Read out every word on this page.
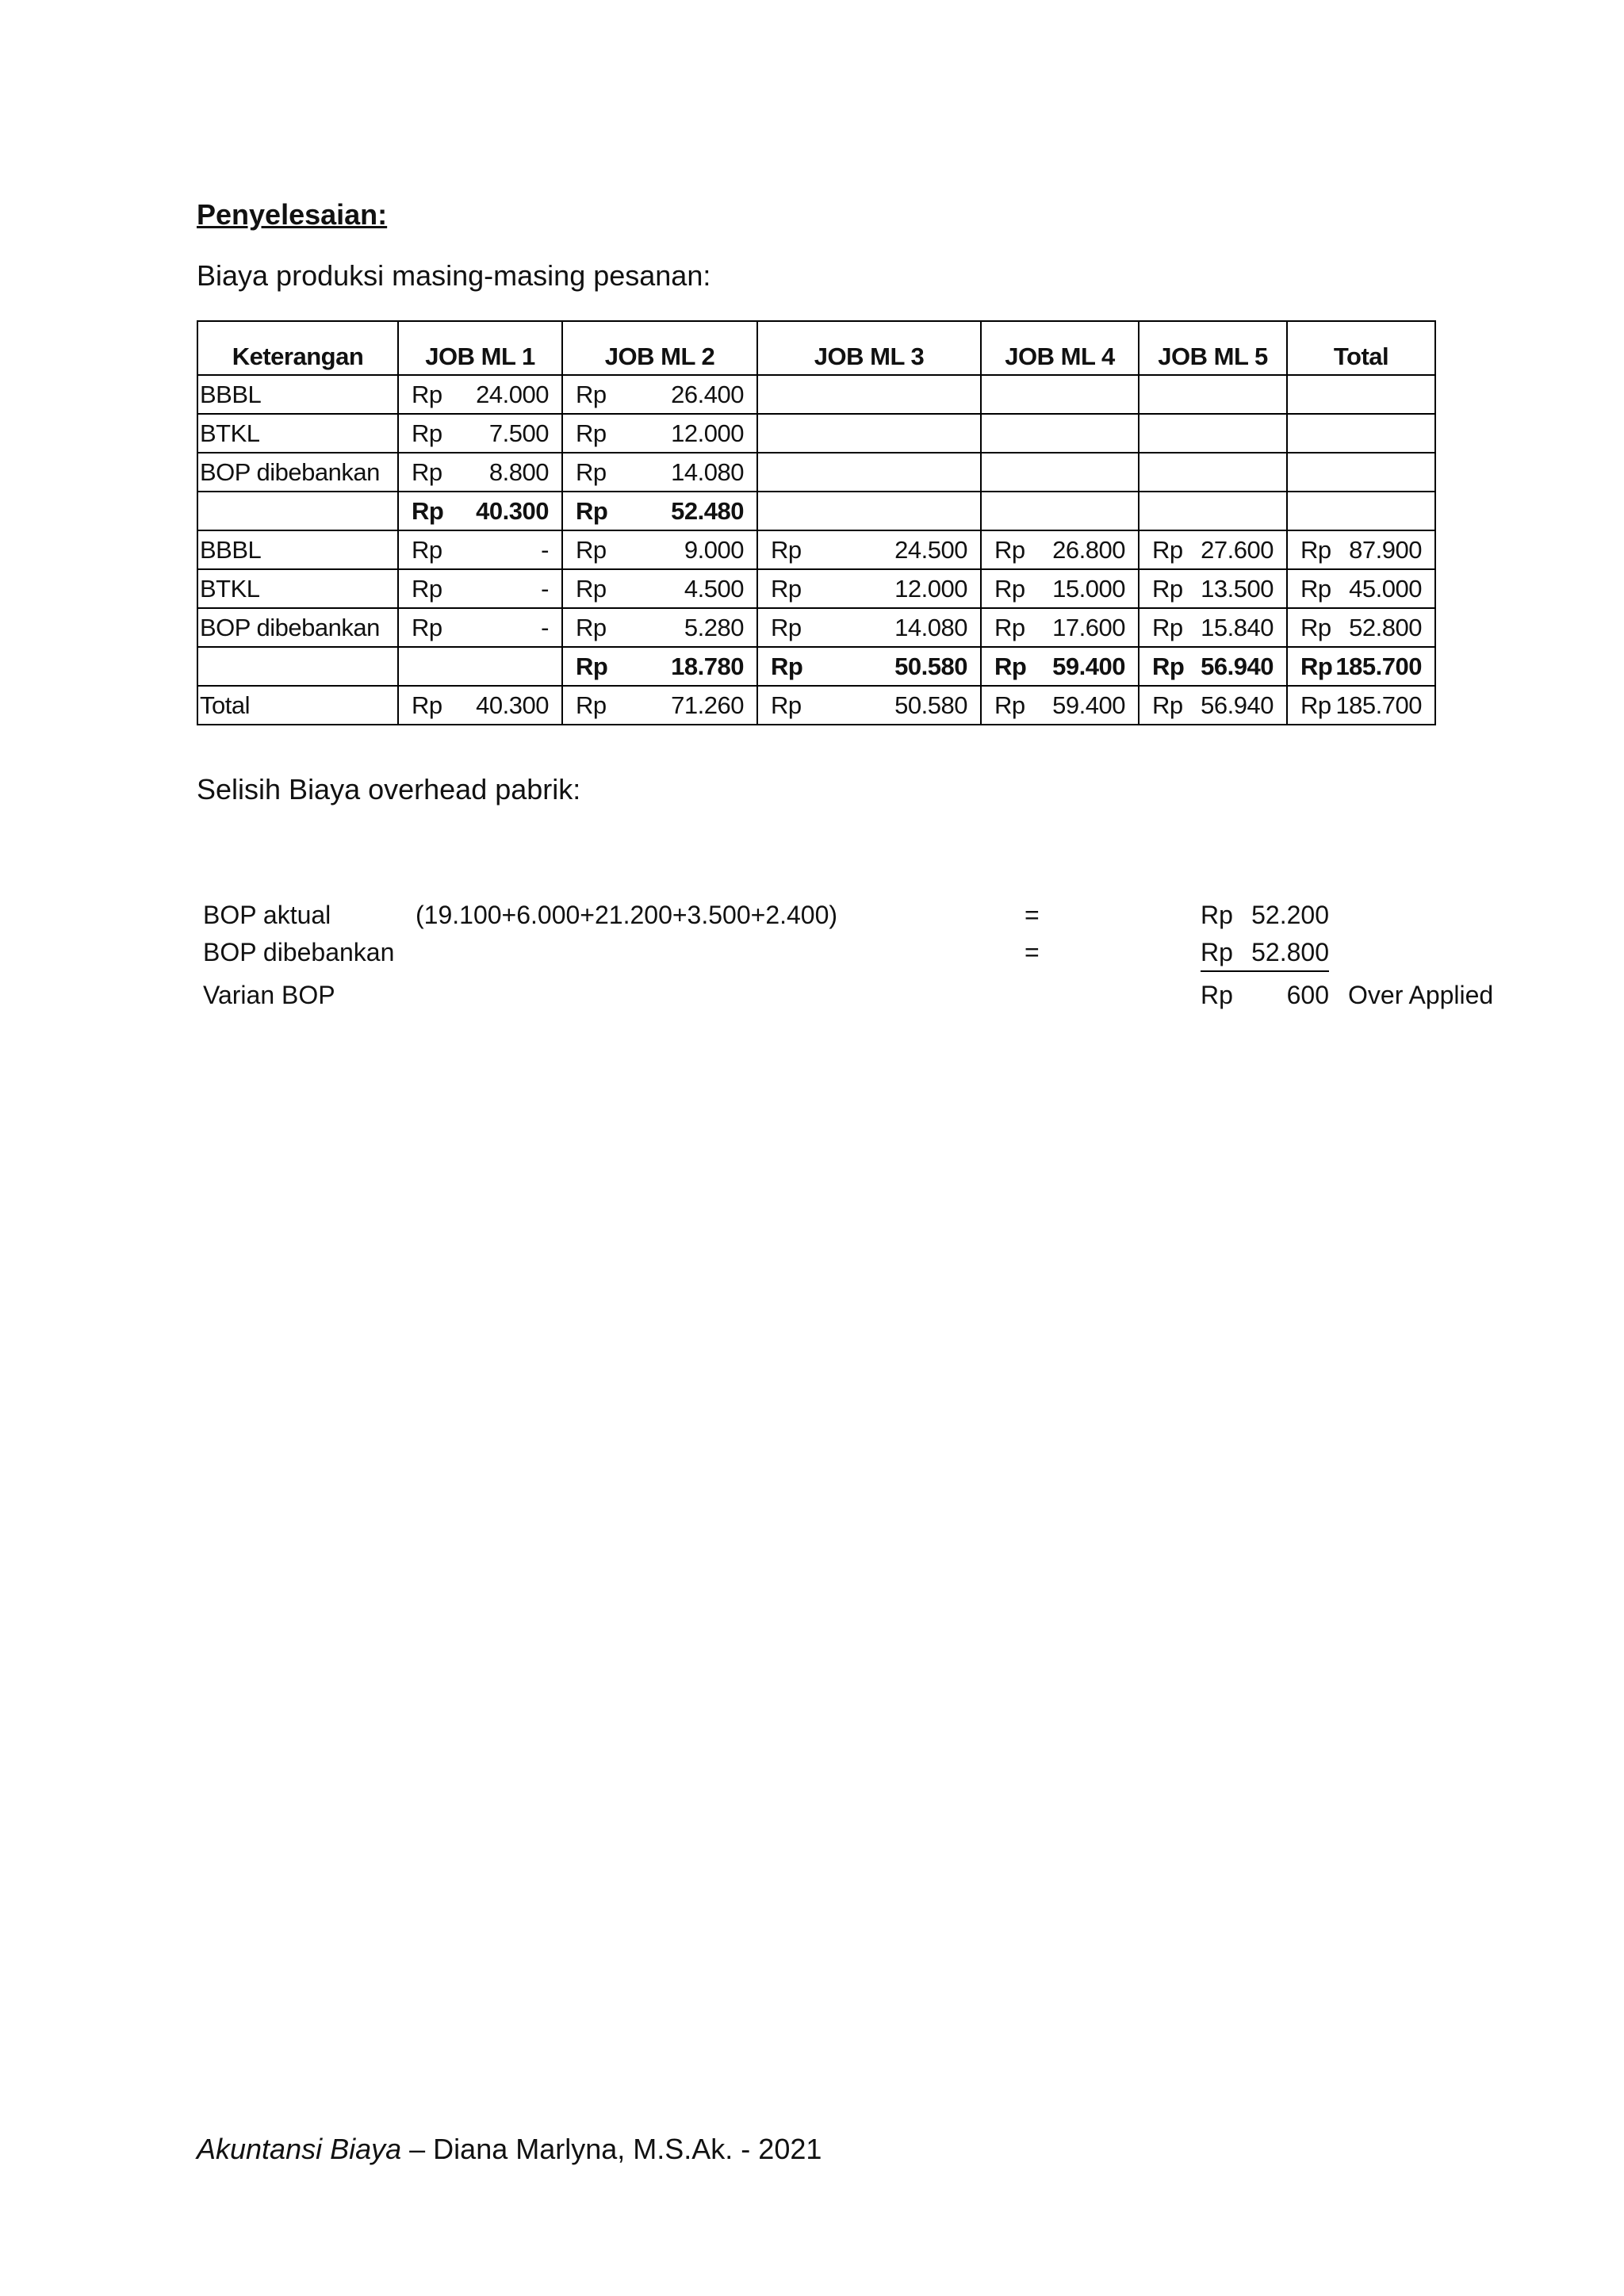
Penyelesaian:
Biaya produksi masing-masing pesanan:
Keterangan	JOB ML 1	JOB ML 2	JOB ML 3	JOB ML 4	JOB ML 5	Total
BBBL	Rp 24.000	Rp 26.400				

BTKL	Rp 7.500	Rp 12.000				

BOP dibebankan	Rp 8.800	Rp 14.080				

	Rp 40.300	Rp 52.480				

BBBL	Rp -	Rp 9.000	Rp 24.500	Rp 26.800	Rp 27.600	Rp 87.900

BTKL	Rp -	Rp 4.500	Rp 12.000	Rp 15.000	Rp 13.500	Rp 45.000

BOP dibebankan	Rp -	Rp 5.280	Rp 14.080	Rp 17.600	Rp 15.840	Rp 52.800

		Rp 18.780	Rp 50.580	Rp 59.400	Rp 56.940	Rp 185.700

Total	Rp 40.300	Rp 71.260	Rp 50.580	Rp 59.400	Rp 56.940	Rp 185.700
Selisih Biaya overhead pabrik:
BOP aktual	(19.100+6.000+21.200+3.500+2.400)	=	Rp 52.200
BOP dibebankan	=	Rp 52.800
Varian BOP	Rp	600 Over Applied
Akuntansi Biaya – Diana Marlyna, M.S.Ak. - 2021
